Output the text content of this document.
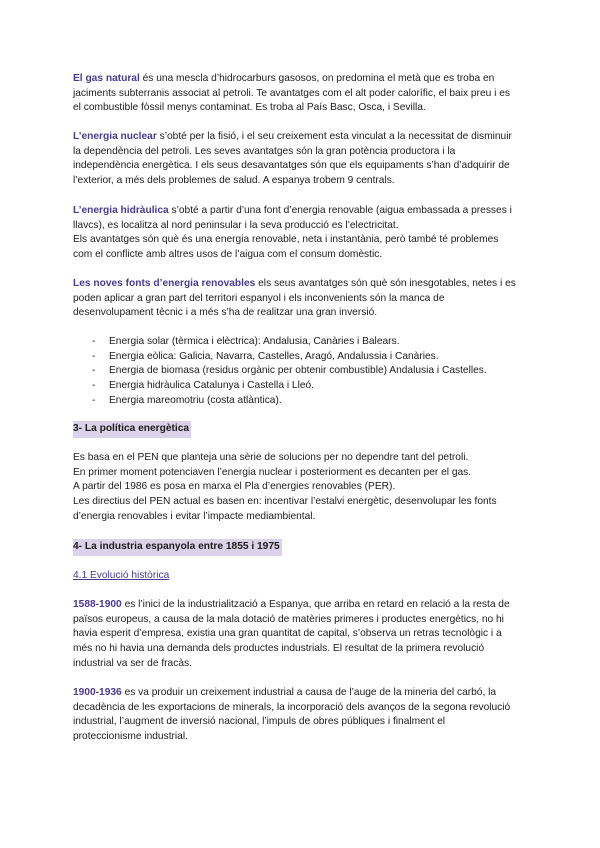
El gas natural és una mescla d’hidrocarburs gasosos, on predomina el metà que es troba en
jaciments subterranis associat al petroli. Te avantatges com el alt poder calorífic, el baix preu i es
el combustible fòssil menys contaminat. Es troba al País Basc, Osca, i Sevilla.

L’energia nuclear s’obté per la fisió, i el seu creixement esta vinculat a la necessitat de disminuir
la dependència del petroli. Les seves avantatges són la gran potència productora i la
independència energètica. I els seus desavantatges són que els equipaments s’han d’adquirir de
l’exterior, a més dels problemes de salud. A espanya trobem 9 centrals.

L’energia hidràulica s’obté a partir d’una font d’energia renovable (aigua embassada a presses i
llavcs), es localitza al nord peninsular i la seva producció es l’electricitat.
Els avantatges són què és una energia renovable, neta i instantània, però també té problemes
com el conflicte amb altres usos de l’aigua com el consum domèstic.

Les noves fonts d’energia renovables els seus avantatges són què són inesgotables, netes i es
poden aplicar a gran part del territori espanyol i els inconvenients són la manca de
desenvolupament tècnic i a més s’ha de realitzar una gran inversió.

- Energia solar (tèrmica i elèctrica): Andalusia, Canàries i Balears.
- Energia eòlica: Galicia, Navarra, Castelles, Aragó, Andalussia i Canàries.
- Energia de biomasa (residus orgànic per obtenir combustible) Andalusia i Castelles.
- Energia hidràulica Catalunya i Castella i Lleó.
- Energia mareomotriu (costa atlàntica).
3- La política energètica

Es basa en el PEN que planteja una sèrie de solucions per no dependre tant del petroli.
En primer moment potenciaven l’energia nuclear i posteriorment es decanten per el gas.
A partir del 1986 es posa en marxa el Pla d’energies renovables (PER).
Les directius del PEN actual es basen en: incentivar l’estalvi energètic, desenvolupar les fonts
d’energia renovables i evitar l’impacte mediambiental.

4- La industria espanyola entre 1855 i 1975
4.1 Evolució històrica

1588-1900 es l’inici de la industrialització a Espanya, que arriba en retard en relació a la resta de
països europeus, a causa de la mala dotació de matèries primeres i productes energètics, no hi
havia esperit d’empresa, existia una gran quantitat de capital, s’observa un retras tecnològic i a
més no hi havia una demanda dels productes industrials. El resultat de la primera revolució
industrial va ser de fracàs.

1900-1936 es va produir un creixement industrial a causa de l’auge de la mineria del carbó, la
decadència de les exportacions de minerals, la incorporació dels avanços de la segona revolució
industrial, l’augment de inversió nacional, l’impuls de obres públiques i finalment el
proteccionisme industrial.
